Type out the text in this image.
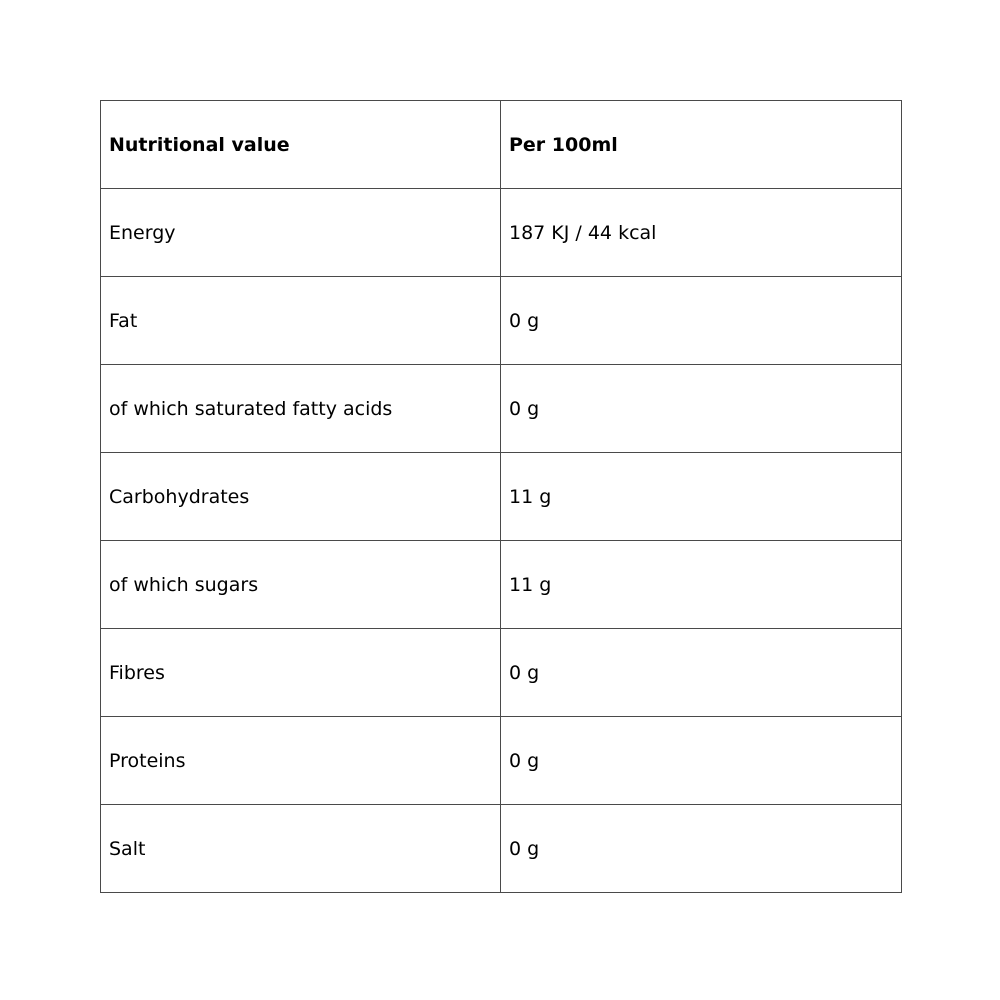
Nutritional value	Per 100ml
Energy	187 KJ / 44 kcal
Fat	0 g
of which saturated fatty acids	0 g
Carbohydrates	11 g
of which sugars	11 g
Fibres	0 g
Proteins	0 g
Salt	0 g
